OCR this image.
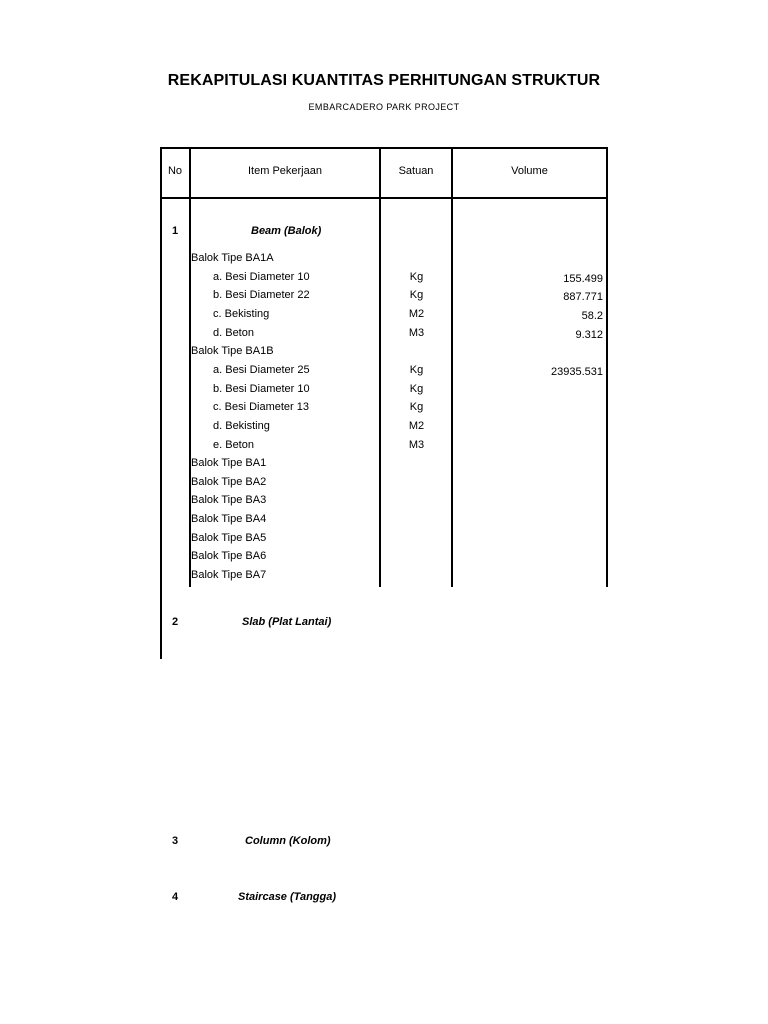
REKAPITULASI KUANTITAS PERHITUNGAN STRUKTUR
EMBARCADERO PARK PROJECT
No	Item Pekerjaan	Satuan	Volume
1	Beam (Balok)
Balok Tipe BA1A
a. Besi Diameter 10	Kg	155.499
b. Besi Diameter 22	Kg	887.771
c. Bekisting	M2	58.2
d. Beton	M3	9.312
Balok Tipe BA1B
a. Besi Diameter 25	Kg	23935.531
b. Besi Diameter 10	Kg
c. Besi Diameter 13	Kg
d. Bekisting	M2
e. Beton	M3
Balok Tipe BA1
Balok Tipe BA2
Balok Tipe BA3
Balok Tipe BA4
Balok Tipe BA5
Balok Tipe BA6
Balok Tipe BA7
2	Slab (Plat Lantai)
3	Column (Kolom)
4	Staircase (Tangga)
